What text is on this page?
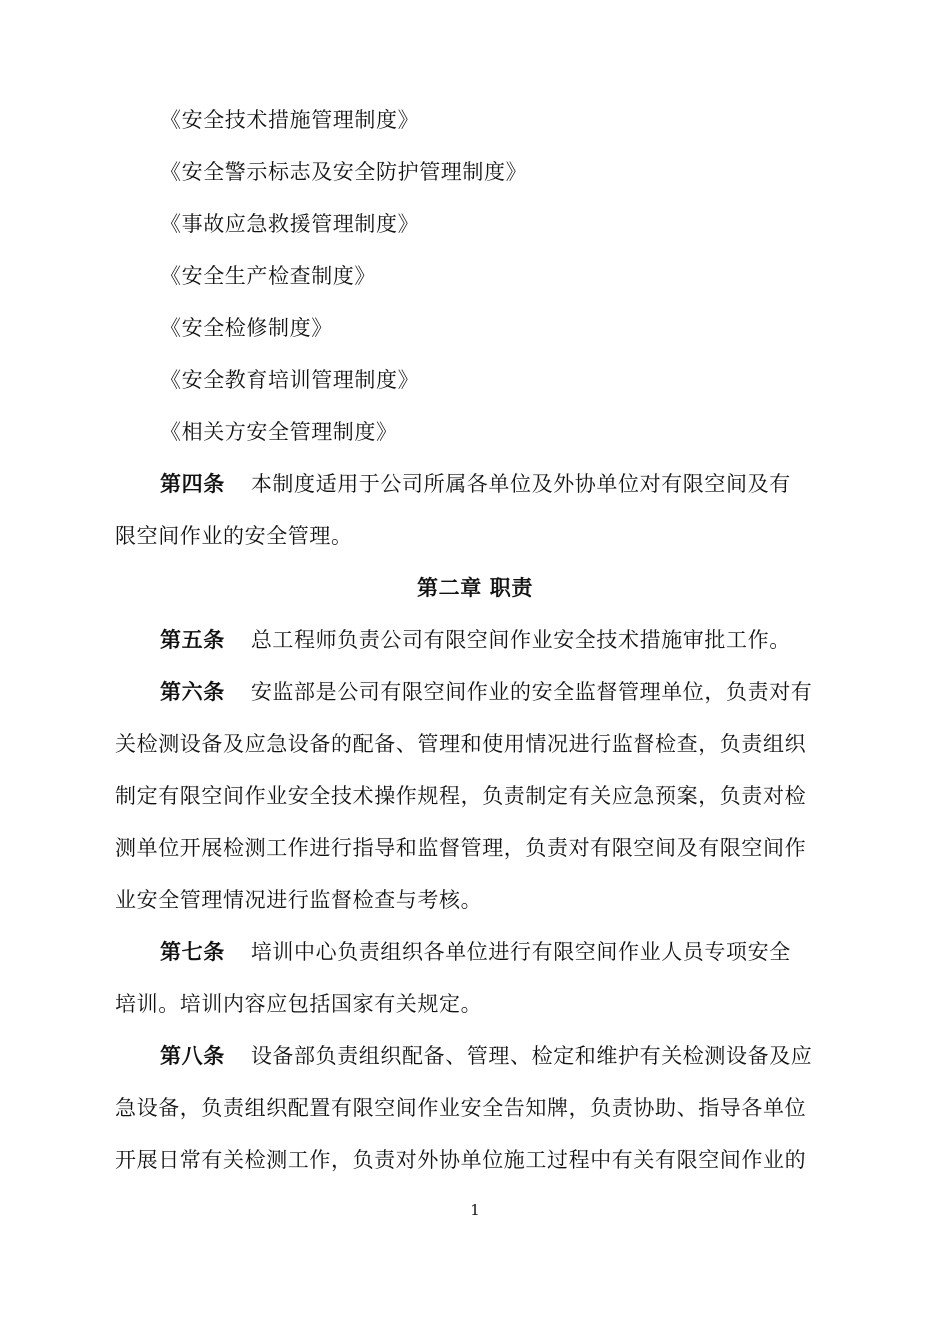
《安全技术措施管理制度》

《安全警示标志及安全防护管理制度》

《事故应急救援管理制度》

《安全生产检查制度》

《安全检修制度》

《安全教育培训管理制度》

《相关方安全管理制度》

第四条 本制度适用于公司所属各单位及外协单位对有限空间及有

限空间作业的安全管理。

第二章 职责

第五条 总工程师负责公司有限空间作业安全技术措施审批工作。

第六条 安监部是公司有限空间作业的安全监督管理单位，负责对有

关检测设备及应急设备的配备、管理和使用情况进行监督检查，负责组织

制定有限空间作业安全技术操作规程，负责制定有关应急预案，负责对检

测单位开展检测工作进行指导和监督管理，负责对有限空间及有限空间作

业安全管理情况进行监督检查与考核。

第七条 培训中心负责组织各单位进行有限空间作业人员专项安全

培训。培训内容应包括国家有关规定。

第八条 设备部负责组织配备、管理、检定和维护有关检测设备及应

急设备，负责组织配置有限空间作业安全告知牌，负责协助、指导各单位

开展日常有关检测工作，负责对外协单位施工过程中有关有限空间作业的

1
